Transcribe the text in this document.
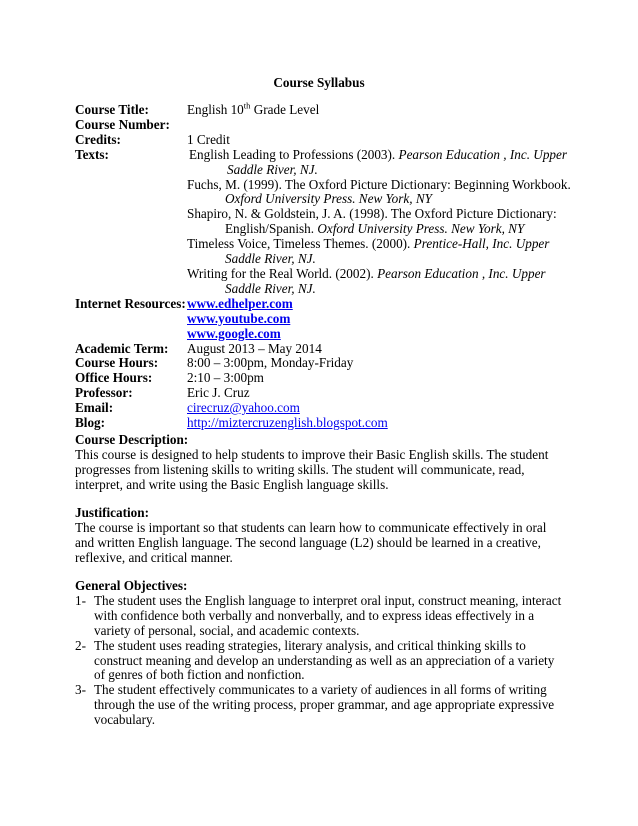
Course Syllabus
Course Title:	English 10th Grade Level
Course Number:
Credits:	1 Credit
Texts:	English Leading to Professions (2003). Pearson Education , Inc. Upper Saddle River, NJ.
Fuchs, M. (1999). The Oxford Picture Dictionary: Beginning Workbook. Oxford University Press. New York, NY
Shapiro, N. & Goldstein, J. A. (1998). The Oxford Picture Dictionary: English/Spanish. Oxford University Press. New York, NY
Timeless Voice, Timeless Themes. (2000). Prentice-Hall, Inc. Upper Saddle River, NJ.
Writing for the Real World. (2002). Pearson Education , Inc. Upper Saddle River, NJ.
Internet Resources: www.edhelper.com
www.youtube.com
www.google.com
Academic Term:	August 2013 – May 2014
Course Hours:	8:00 – 3:00pm, Monday-Friday
Office Hours:	2:10 – 3:00pm
Professor:	Eric J. Cruz
Email:	cirecruz@yahoo.com
Blog:	http://miztercruzenglish.blogspot.com
Course Description:
This course is designed to help students to improve their Basic English skills. The student progresses from listening skills to writing skills. The student will communicate, read, interpret, and write using the Basic English language skills.
Justification:
The course is important so that students can learn how to communicate effectively in oral and written English language. The second language (L2) should be learned in a creative, reflexive, and critical manner.
General Objectives:
1- The student uses the English language to interpret oral input, construct meaning, interact with confidence both verbally and nonverbally, and to express ideas effectively in a variety of personal, social, and academic contexts.
2- The student uses reading strategies, literary analysis, and critical thinking skills to construct meaning and develop an understanding as well as an appreciation of a variety of genres of both fiction and nonfiction.
3- The student effectively communicates to a variety of audiences in all forms of writing through the use of the writing process, proper grammar, and age appropriate expressive vocabulary.
